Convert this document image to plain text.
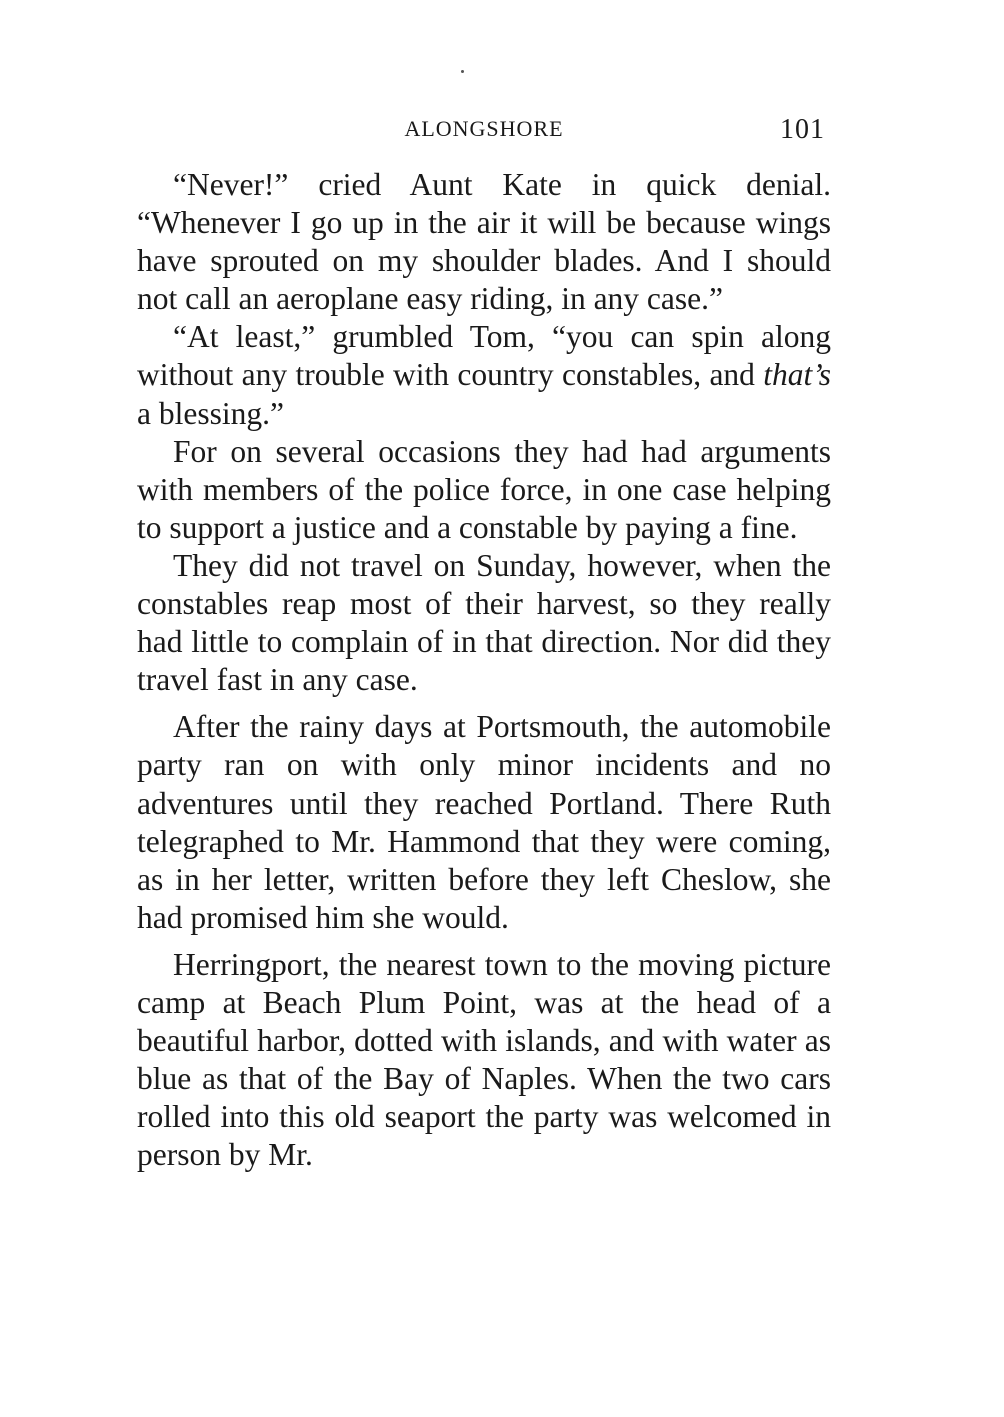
ALONGSHORE	101

“Never!” cried Aunt Kate in quick denial. “Whenever I go up in the air it will be because wings have sprouted on my shoulder blades. And I should not call an aeroplane easy riding, in any case.”

“At least,” grumbled Tom, “you can spin along without any trouble with country constables, and that’s a blessing.”

For on several occasions they had had arguments with members of the police force, in one case helping to support a justice and a constable by paying a fine.

They did not travel on Sunday, however, when the constables reap most of their harvest, so they really had little to complain of in that direction. Nor did they travel fast in any case.

After the rainy days at Portsmouth, the automobile party ran on with only minor incidents and no adventures until they reached Portland. There Ruth telegraphed to Mr. Hammond that they were coming, as in her letter, written before they left Cheslow, she had promised him she would.

Herringport, the nearest town to the moving picture camp at Beach Plum Point, was at the head of a beautiful harbor, dotted with islands, and with water as blue as that of the Bay of Naples. When the two cars rolled into this old seaport the party was welcomed in person by Mr.
